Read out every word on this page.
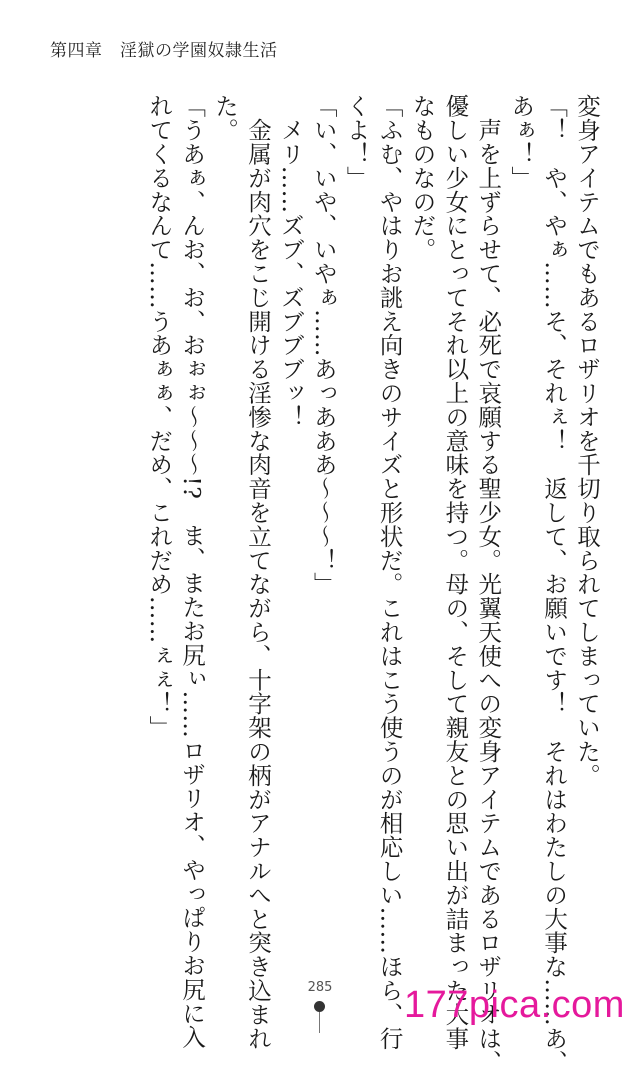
第四章　淫獄の学園奴隷生活
変身アイテムでもあるロザリオを千切り取られてしまっていた。
「！　や、やぁ……そ、それぇ！　返して、お願いです！　それはわたしの大事な……あ、
あぁ！」
　声を上ずらせて、必死で哀願する聖少女。光翼天使への変身アイテムであるロザリオは、
優しい少女にとってそれ以上の意味を持つ。母の、そして親友との思い出が詰まった大事
なものなのだ。
「ふむ、やはりお誂え向きのサイズと形状だ。これはこう使うのが相応しい……ほら、行
くよ！」
「い、いや、いやぁ……あっあああ〜〜〜！」
　メリ……ズブ、ズブブブッ！
　金属が肉穴をこじ開ける淫惨な肉音を立てながら、十字架の柄がアナルへと突き込まれ
た。
「うあぁ、んお、お、おぉぉ〜〜〜!?　ま、またお尻ぃ……ロザリオ、やっぱりお尻に入
れてくるなんて……うあぁぁ、だめ、これだめ……ぇぇ！」
285 177pica.com
